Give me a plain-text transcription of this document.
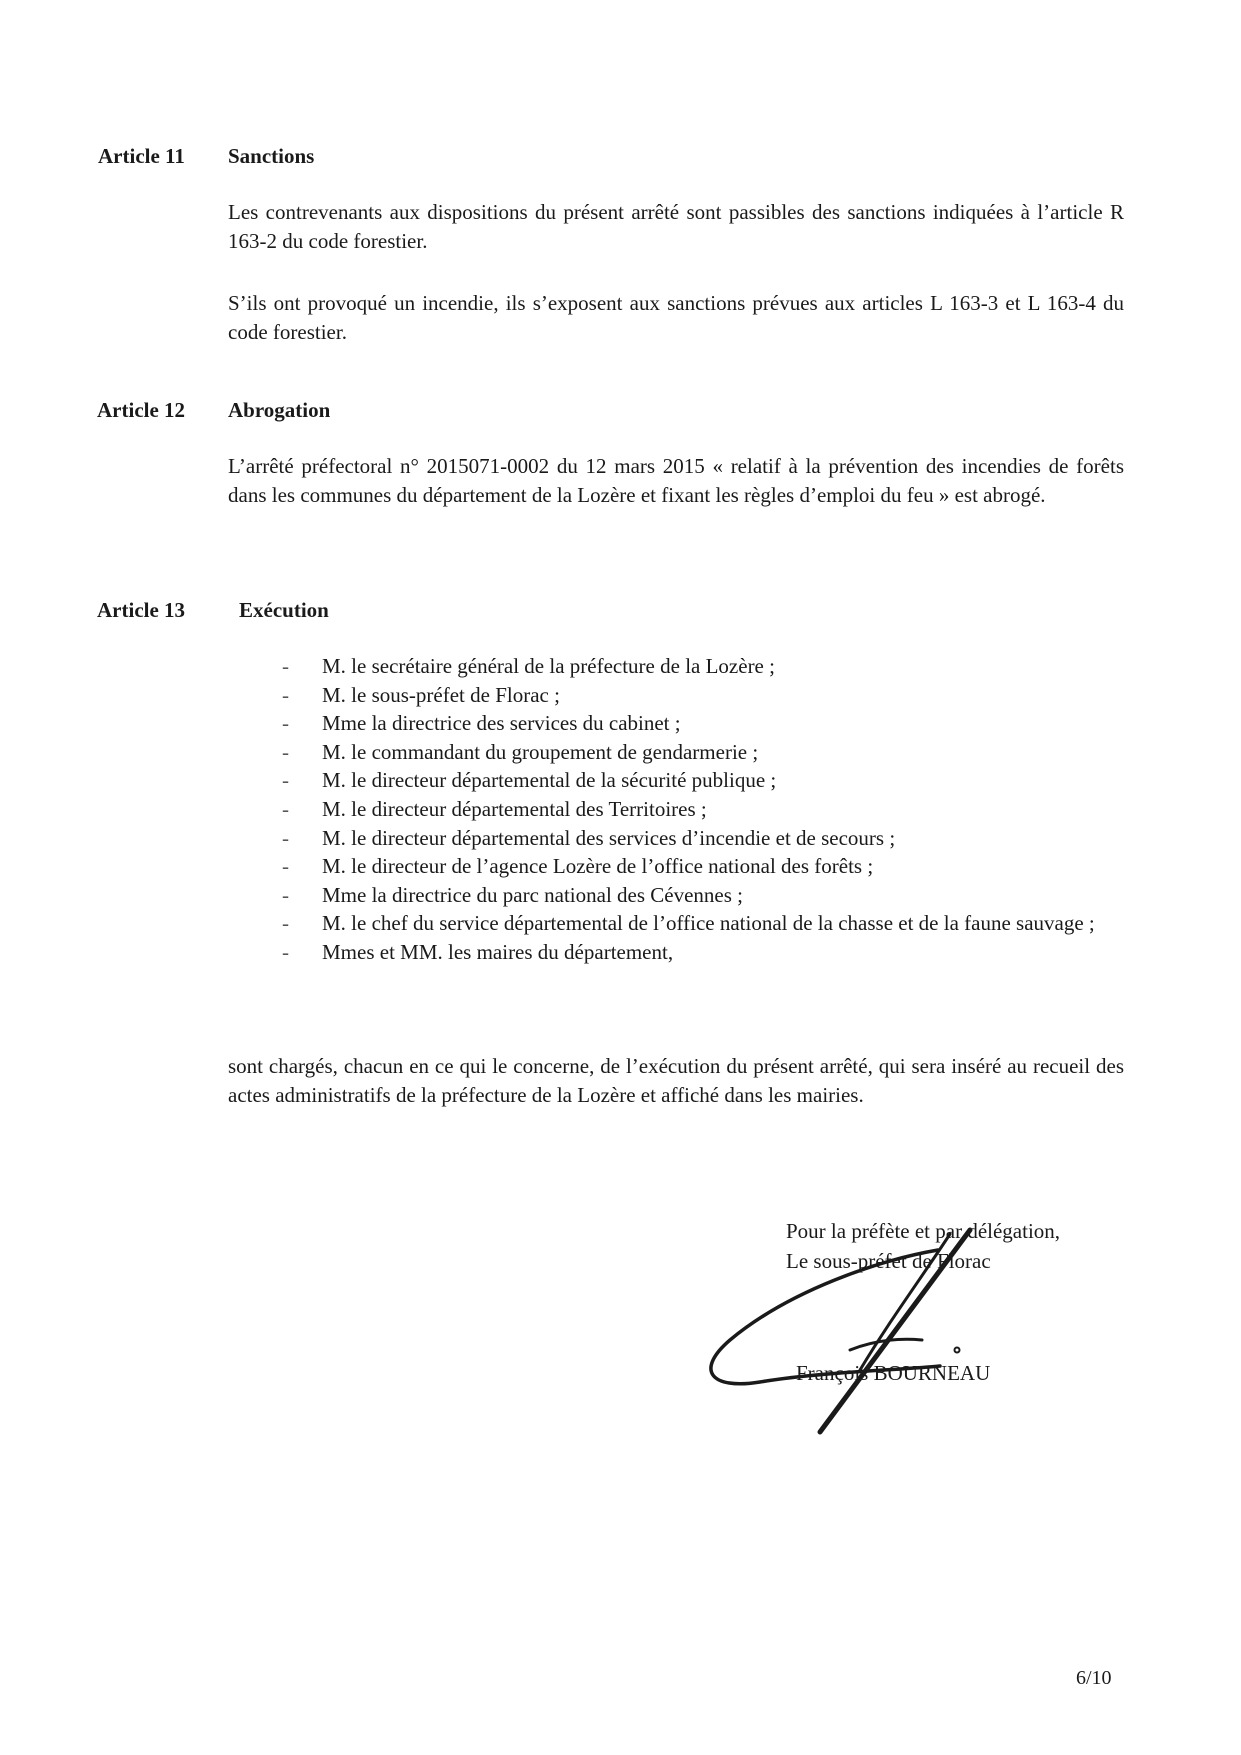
Article 11 Sanctions

Les contrevenants aux dispositions du présent arrêté sont passibles des sanctions indiquées à l’article R 163-2 du code forestier.

S’ils ont provoqué un incendie, ils s’exposent aux sanctions prévues aux articles L 163-3 et L 163-4 du code forestier.

Article 12 Abrogation

L’arrêté préfectoral n° 2015071-0002 du 12 mars 2015 « relatif à la prévention des incendies de forêts dans les communes du département de la Lozère et fixant les règles d’emploi du feu » est abrogé.

Article 13	Exécution
- M. le secrétaire général de la préfecture de la Lozère ;
- M. le sous-préfet de Florac ;
- Mme la directrice des services du cabinet ;
- M. le commandant du groupement de gendarmerie ;
- M. le directeur départemental de la sécurité publique ;
- M. le directeur départemental des Territoires ;
- M. le directeur départemental des services d’incendie et de secours ;
- M. le directeur de l’agence Lozère de l’office national des forêts ;
- Mme la directrice du parc national des Cévennes ;
- M. le chef du service départemental de l’office national de la chasse et de la faune sauvage ;
- Mmes et MM. les maires du département,

sont chargés, chacun en ce qui le concerne, de l’exécution du présent arrêté, qui sera inséré au recueil des actes administratifs de la préfecture de la Lozère et affiché dans les mairies.

Pour la préfète et par délégation,
Le sous-préfet de Florac
François BOURNEAU
6/10
